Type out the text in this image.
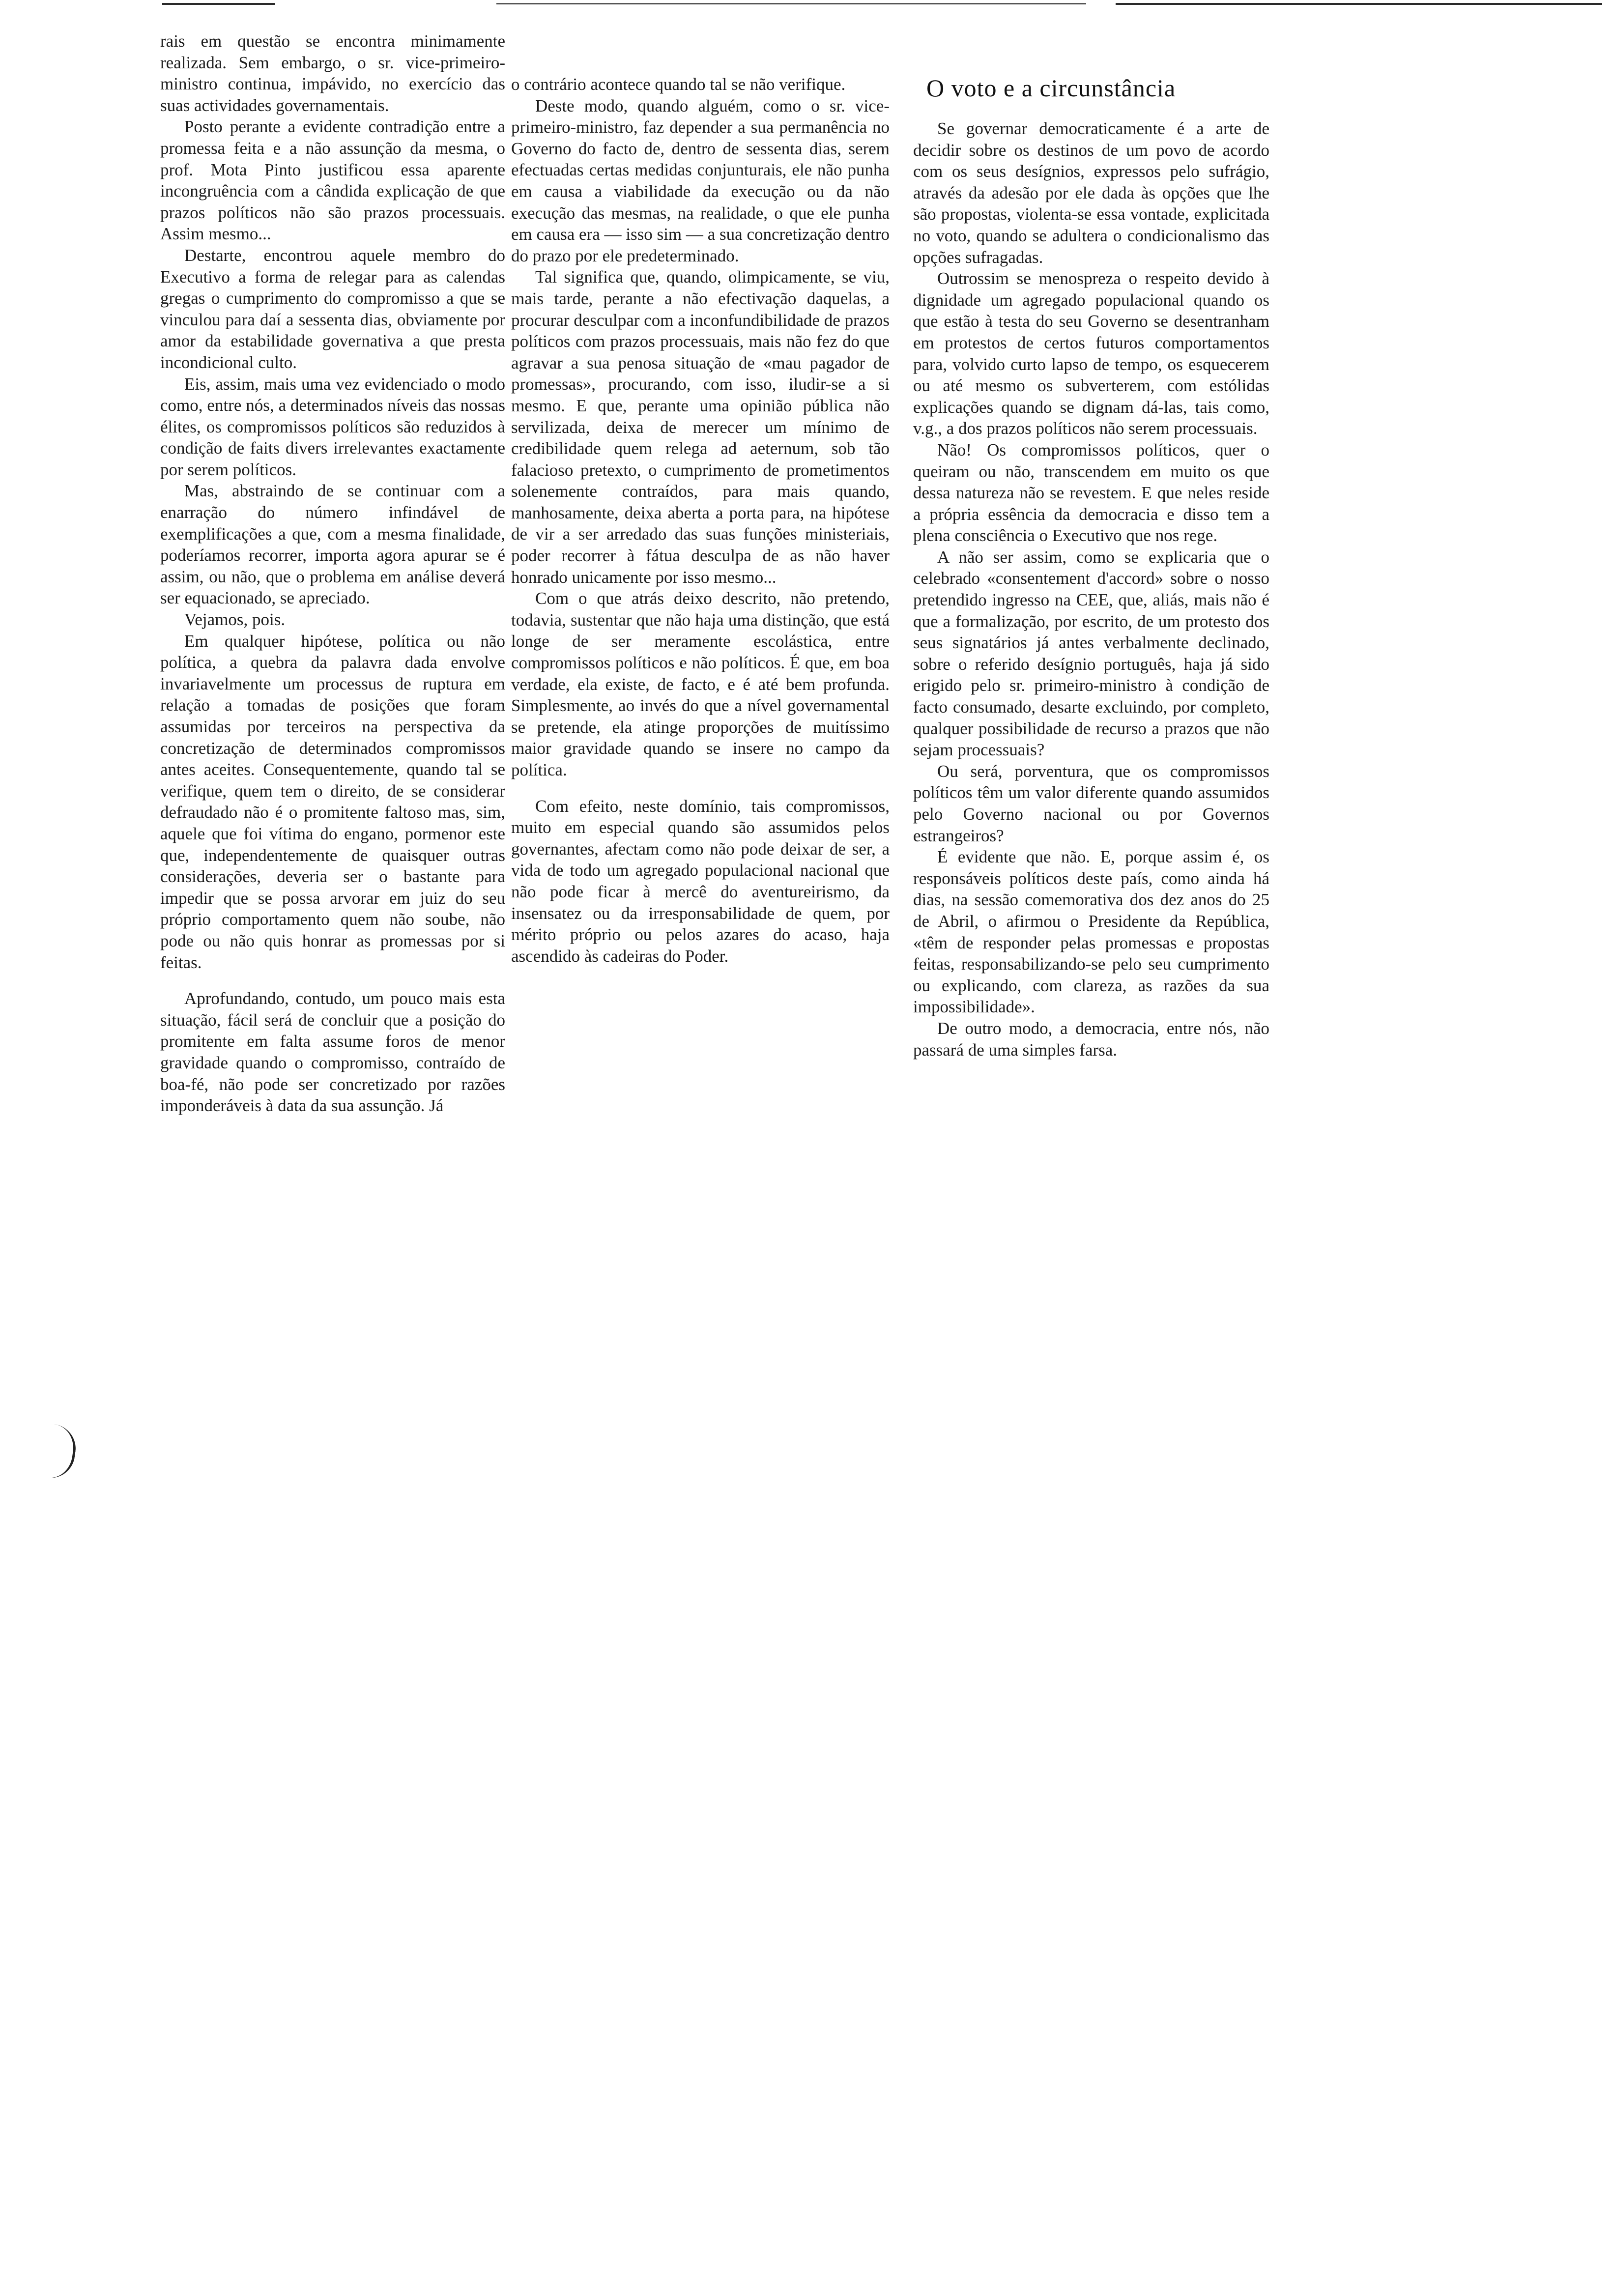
rais em questão se encontra minimamente realizada. Sem embargo, o sr. vice-primeiro-ministro continua, impávido, no exercício das suas actividades governamentais.

Posto perante a evidente contradição entre a promessa feita e a não assunção da mesma, o prof. Mota Pinto justificou essa aparente incongruência com a cândida explicação de que prazos políticos não são prazos processuais. Assim mesmo...

Destarte, encontrou aquele membro do Executivo a forma de relegar para as calendas gregas o cumprimento do compromisso a que se vinculou para daí a sessenta dias, obviamente por amor da estabilidade governativa a que presta incondicional culto.

Eis, assim, mais uma vez evidenciado o modo como, entre nós, a determinados níveis das nossas élites, os compromissos políticos são reduzidos à condição de faits divers irrelevantes exactamente por serem políticos.

Mas, abstraindo de se continuar com a enarração do número infindável de exemplificações a que, com a mesma finalidade, poderíamos recorrer, importa agora apurar se é assim, ou não, que o problema em análise deverá ser equacionado, se apreciado.

Vejamos, pois.

Em qualquer hipótese, política ou não política, a quebra da palavra dada envolve invariavelmente um processus de ruptura em relação a tomadas de posições que foram assumidas por terceiros na perspectiva da concretização de determinados compromissos antes aceites. Consequentemente, quando tal se verifique, quem tem o direito, de se considerar defraudado não é o promitente faltoso mas, sim, aquele que foi vítima do engano, pormenor este que, independentemente de quaisquer outras considerações, deveria ser o bastante para impedir que se possa arvorar em juiz do seu próprio comportamento quem não soube, não pode ou não quis honrar as promessas por si feitas.

Aprofundando, contudo, um pouco mais esta situação, fácil será de concluir que a posição do promitente em falta assume foros de menor gravidade quando o compromisso, contraído de boa-fé, não pode ser concretizado por razões imponderáveis à data da sua assunção. Já

o contrário acontece quando tal se não verifique.

Deste modo, quando alguém, como o sr. vice-primeiro-ministro, faz depender a sua permanência no Governo do facto de, dentro de sessenta dias, serem efectuadas certas medidas conjunturais, ele não punha em causa a viabilidade da execução ou da não execução das mesmas, na realidade, o que ele punha em causa era — isso sim — a sua concretização dentro do prazo por ele predeterminado.

Tal significa que, quando, olimpicamente, se viu, mais tarde, perante a não efectivação daquelas, a procurar desculpar com a inconfundibilidade de prazos políticos com prazos processuais, mais não fez do que agravar a sua penosa situação de «mau pagador de promessas», procurando, com isso, iludir-se a si mesmo. E que, perante uma opinião pública não servilizada, deixa de merecer um mínimo de credibilidade quem relega ad aeternum, sob tão falacioso pretexto, o cumprimento de prometimentos solenemente contraídos, para mais quando, manhosamente, deixa aberta a porta para, na hipótese de vir a ser arredado das suas funções ministeriais, poder recorrer à fátua desculpa de as não haver honrado unicamente por isso mesmo...

Com o que atrás deixo descrito, não pretendo, todavia, sustentar que não haja uma distinção, que está longe de ser meramente escolástica, entre compromissos políticos e não políticos. É que, em boa verdade, ela existe, de facto, e é até bem profunda. Simplesmente, ao invés do que a nível governamental se pretende, ela atinge proporções de muitíssimo maior gravidade quando se insere no campo da política.

Com efeito, neste domínio, tais compromissos, muito em especial quando são assumidos pelos governantes, afectam como não pode deixar de ser, a vida de todo um agregado populacional nacional que não pode ficar à mercê do aventureirismo, da insensatez ou da irresponsabilidade de quem, por mérito próprio ou pelos azares do acaso, haja ascendido às cadeiras do Poder.

O voto e a circunstância

Se governar democraticamente é a arte de decidir sobre os destinos de um povo de acordo com os seus desígnios, expressos pelo sufrágio, através da adesão por ele dada às opções que lhe são propostas, violenta-se essa vontade, explicitada no voto, quando se adultera o condicionalismo das opções sufragadas.

Outrossim se menospreza o respeito devido à dignidade um agregado populacional quando os que estão à testa do seu Governo se desentranham em protestos de certos futuros comportamentos para, volvido curto lapso de tempo, os esquecerem ou até mesmo os subverterem, com estólidas explicações quando se dignam dá-las, tais como, v.g., a dos prazos políticos não serem processuais.

Não! Os compromissos políticos, quer o queiram ou não, transcendem em muito os que dessa natureza não se revestem. E que neles reside a própria essência da democracia e disso tem a plena consciência o Executivo que nos rege.

A não ser assim, como se explicaria que o celebrado «consentement d'accord» sobre o nosso pretendido ingresso na CEE, que, aliás, mais não é que a formalização, por escrito, de um protesto dos seus signatários já antes verbalmente declinado, sobre o referido desígnio português, haja já sido erigido pelo sr. primeiro-ministro à condição de facto consumado, desarte excluindo, por completo, qualquer possibilidade de recurso a prazos que não sejam processuais?

Ou será, porventura, que os compromissos políticos têm um valor diferente quando assumidos pelo Governo nacional ou por Governos estrangeiros?

É evidente que não. E, porque assim é, os responsáveis políticos deste país, como ainda há dias, na sessão comemorativa dos dez anos do 25 de Abril, o afirmou o Presidente da República, «têm de responder pelas promessas e propostas feitas, responsabilizando-se pelo seu cumprimento ou explicando, com clareza, as razões da sua impossibilidade».

De outro modo, a democracia, entre nós, não passará de uma simples farsa.
